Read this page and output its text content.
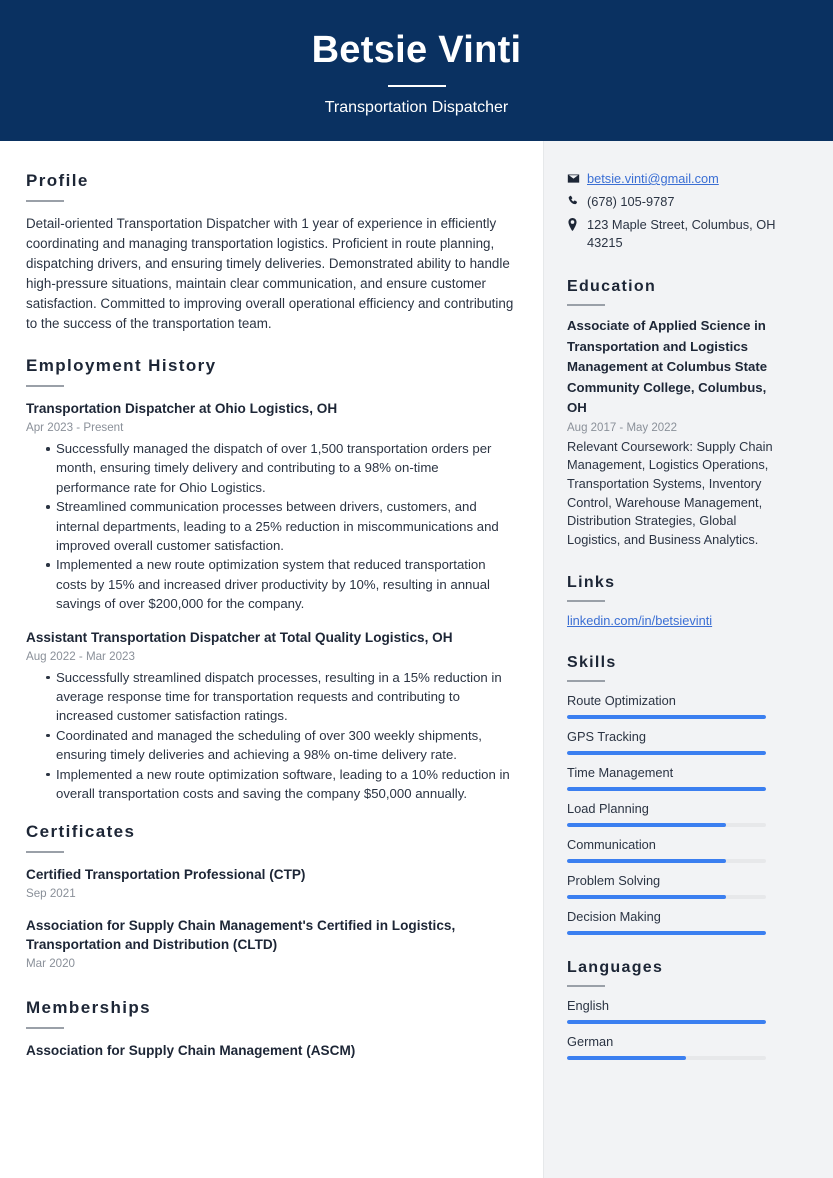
Betsie Vinti
Transportation Dispatcher
Profile
Detail-oriented Transportation Dispatcher with 1 year of experience in efficiently coordinating and managing transportation logistics. Proficient in route planning, dispatching drivers, and ensuring timely deliveries. Demonstrated ability to handle high-pressure situations, maintain clear communication, and ensure customer satisfaction. Committed to improving overall operational efficiency and contributing to the success of the transportation team.
Employment History
Transportation Dispatcher at Ohio Logistics, OH
Apr 2023 - Present
Successfully managed the dispatch of over 1,500 transportation orders per month, ensuring timely delivery and contributing to a 98% on-time performance rate for Ohio Logistics.
Streamlined communication processes between drivers, customers, and internal departments, leading to a 25% reduction in miscommunications and improved overall customer satisfaction.
Implemented a new route optimization system that reduced transportation costs by 15% and increased driver productivity by 10%, resulting in annual savings of over $200,000 for the company.
Assistant Transportation Dispatcher at Total Quality Logistics, OH
Aug 2022 - Mar 2023
Successfully streamlined dispatch processes, resulting in a 15% reduction in average response time for transportation requests and contributing to increased customer satisfaction ratings.
Coordinated and managed the scheduling of over 300 weekly shipments, ensuring timely deliveries and achieving a 98% on-time delivery rate.
Implemented a new route optimization software, leading to a 10% reduction in overall transportation costs and saving the company $50,000 annually.
Certificates
Certified Transportation Professional (CTP)
Sep 2021
Association for Supply Chain Management's Certified in Logistics, Transportation and Distribution (CLTD)
Mar 2020
Memberships
Association for Supply Chain Management (ASCM)
betsie.vinti@gmail.com
(678) 105-9787
123 Maple Street, Columbus, OH 43215
Education
Associate of Applied Science in Transportation and Logistics Management at Columbus State Community College, Columbus, OH
Aug 2017 - May 2022
Relevant Coursework: Supply Chain Management, Logistics Operations, Transportation Systems, Inventory Control, Warehouse Management, Distribution Strategies, Global Logistics, and Business Analytics.
Links
linkedin.com/in/betsievinti
Skills
Route Optimization
GPS Tracking
Time Management
Load Planning
Communication
Problem Solving
Decision Making
Languages
English
German
